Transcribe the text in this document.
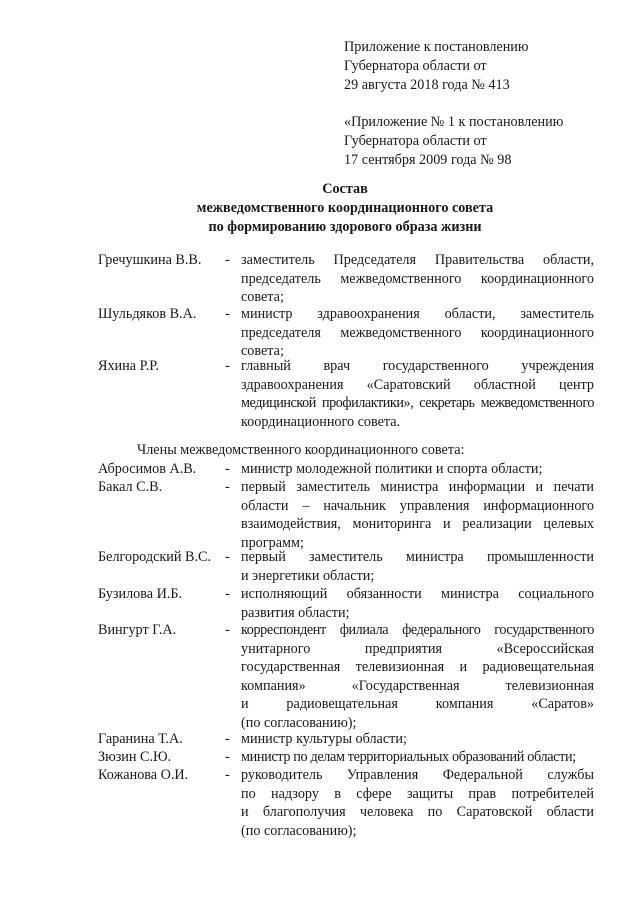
Приложение к постановлению
Губернатора области от
29 августа 2018 года № 413
«Приложение № 1 к постановлению
Губернатора области от
17 сентября 2009 года № 98
Состав
межведомственного координационного совета
по формированию здорового образа жизни
Гречушкина В.В. - заместитель Председателя Правительства области,
председатель межведомственного координационного
совета;
Шульдяков В.А. - министр здравоохранения области, заместитель
председателя межведомственного координационного
совета;
Яхина Р.Р.	- главный врач государственного учреждения
здравоохранения «Саратовский областной центр
медицинской профилактики», секретарь межведомственного
координационного совета.
Члены межведомственного координационного совета:
Абросимов А.В. - министр молодежной политики и спорта области;
Бакал С.В.	- первый заместитель министра информации и печати
области – начальник управления информационного
взаимодействия, мониторинга и реализации целевых
программ;
Белгородский В.С. - первый заместитель министра промышленности
и энергетики области;
Бузилова И.Б.	- исполняющий обязанности министра социального
развития области;
Вингурт Г.А.	- корреспондент филиала федерального государственного
унитарного предприятия «Всероссийская
государственная телевизионная и радиовещательная
компания» «Государственная телевизионная
и радиовещательная компания «Саратов»
(по согласованию);
Гаранина Т.А.	- министр культуры области;
Зюзин С.Ю.	- министр по делам территориальных образований области;
Кожанова О.И.	- руководитель Управления Федеральной службы
по надзору в сфере защиты прав потребителей
и благополучия человека по Саратовской области
(по согласованию);
